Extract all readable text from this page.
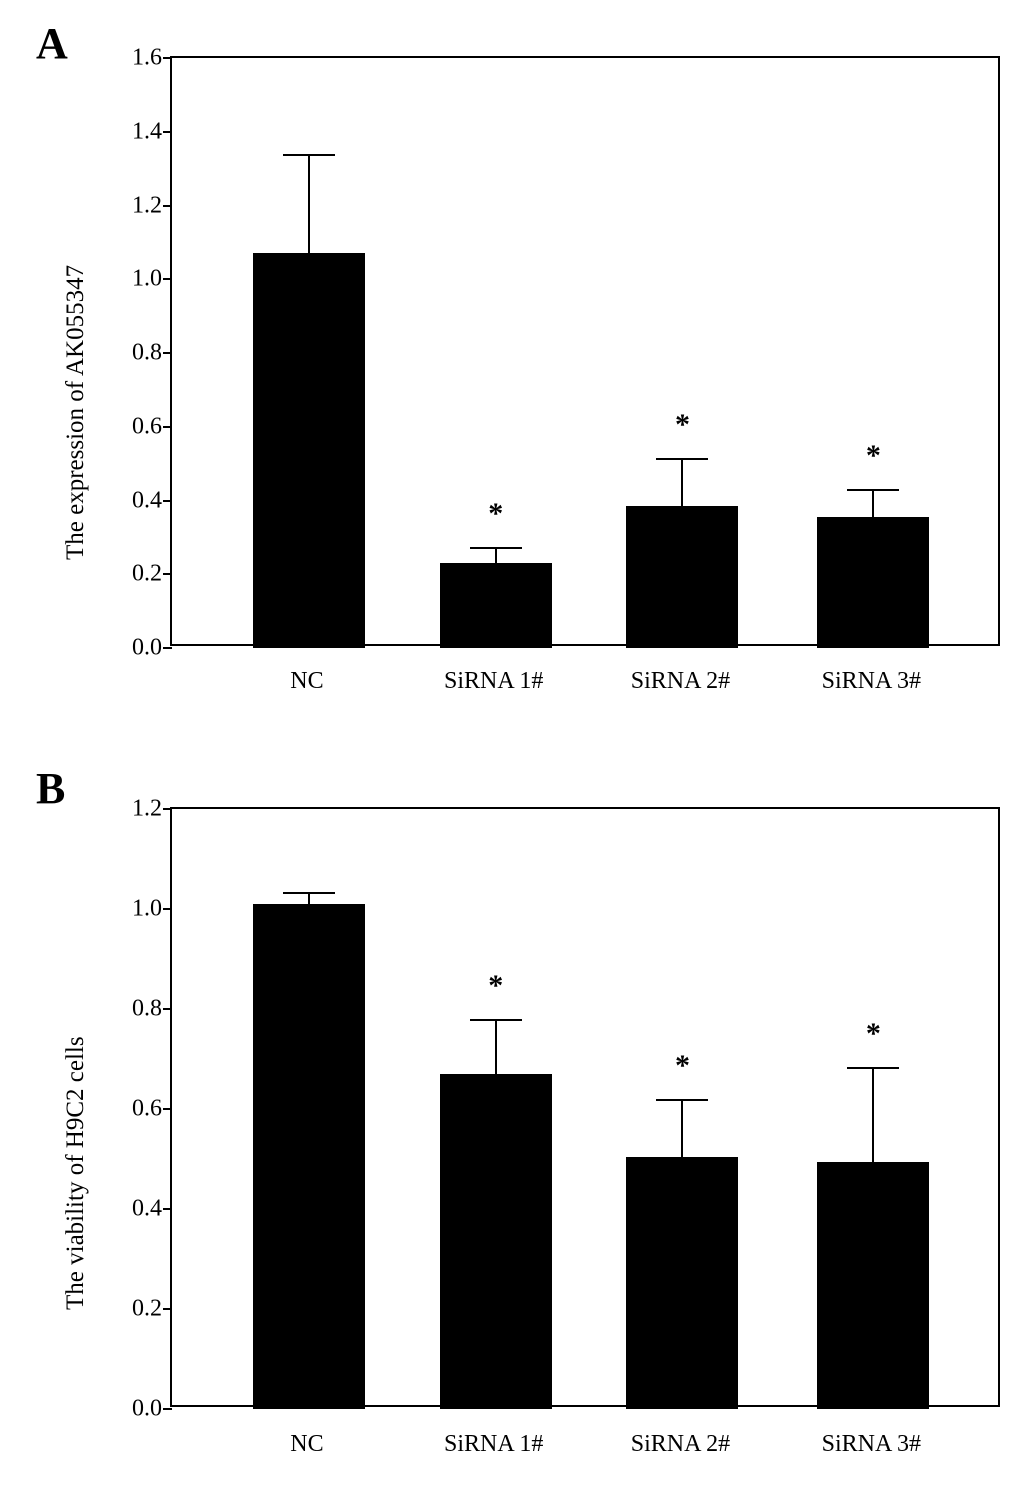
A
The expression of AK055347
0.0
0.2
0.4
0.6
0.8
1.0
1.2
1.4
1.6
*
*
*
NC	SiRNA 1#	SiRNA 2#	SiRNA 3#
B
The viability of H9C2 cells
0.0
0.2
0.4
0.6
0.8
1.0
1.2
*
*
*
NC	SiRNA 1#	SiRNA 2#	SiRNA 3#
